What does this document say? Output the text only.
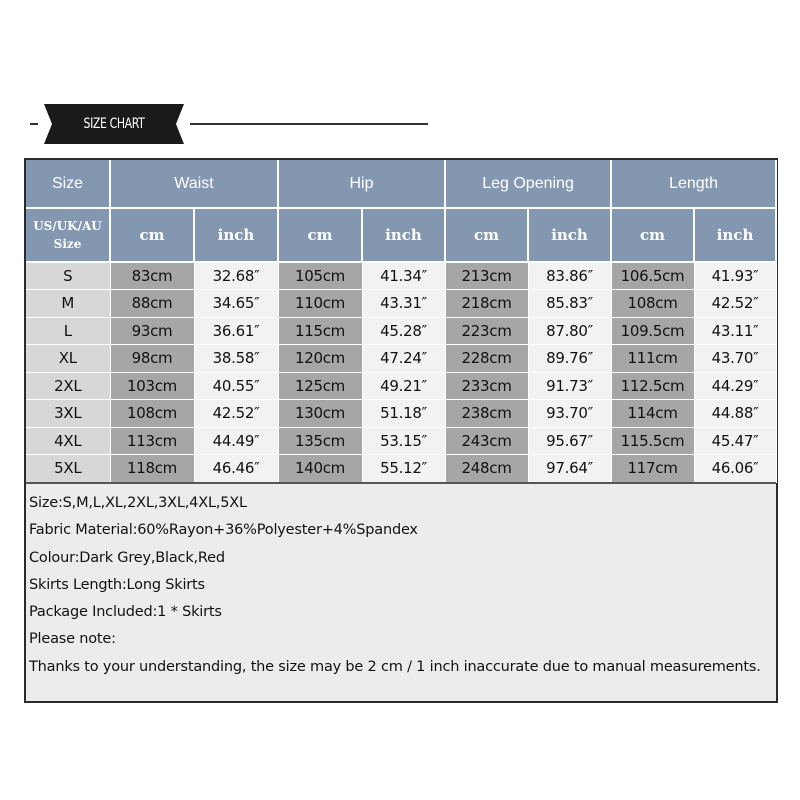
SIZE CHART
Size	Waist		Hip		Leg Opening		Length	
US/UK/AU Size	cm	inch	cm	inch	cm	inch	cm	inch
S	83cm	32.68″	105cm	41.34″	213cm	83.86″	106.5cm	41.93″
M	88cm	34.65″	110cm	43.31″	218cm	85.83″	108cm	42.52″
L	93cm	36.61″	115cm	45.28″	223cm	87.80″	109.5cm	43.11″
XL	98cm	38.58″	120cm	47.24″	228cm	89.76″	111cm	43.70″
2XL	103cm	40.55″	125cm	49.21″	233cm	91.73″	112.5cm	44.29″
3XL	108cm	42.52″	130cm	51.18″	238cm	93.70″	114cm	44.88″
4XL	113cm	44.49″	135cm	53.15″	243cm	95.67″	115.5cm	45.47″
5XL	118cm	46.46″	140cm	55.12″	248cm	97.64″	117cm	46.06″
Size:S,M,L,XL,2XL,3XL,4XL,5XL
Fabric Material:60%Rayon+36%Polyester+4%Spandex
Colour:Dark Grey,Black,Red
Skirts Length:Long Skirts
Package Included:1 * Skirts
Please note:
Thanks to your understanding, the size may be 2 cm / 1 inch inaccurate due to manual measurements.
